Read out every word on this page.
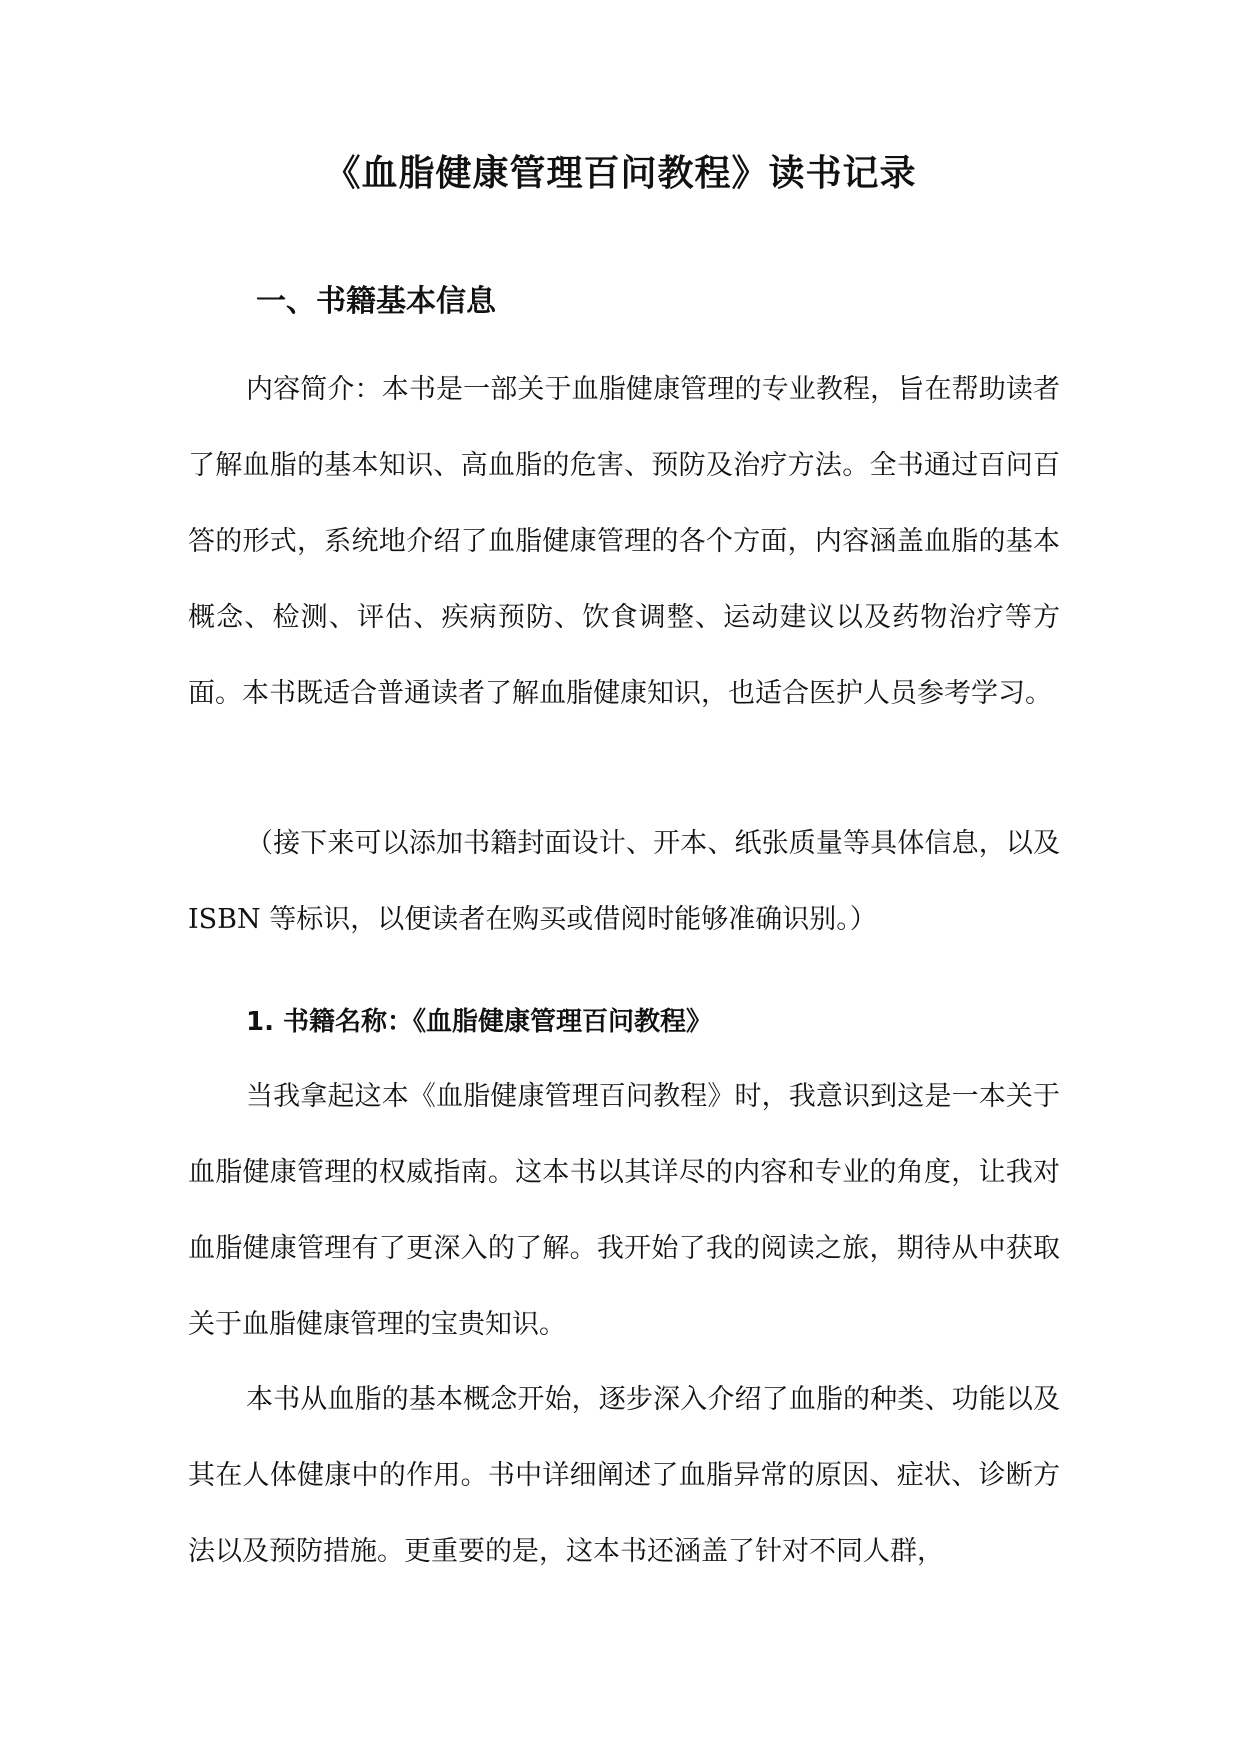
《血脂健康管理百问教程》读书记录
一、书籍基本信息

内容简介：本书是一部关于血脂健康管理的专业教程，旨在帮助读者了解血脂的基本知识、高血脂的危害、预防及治疗方法。全书通过百问百答的形式，系统地介绍了血脂健康管理的各个方面，内容涵盖血脂的基本概念、检测、评估、疾病预防、饮食调整、运动建议以及药物治疗等方面。本书既适合普通读者了解血脂健康知识，也适合医护人员参考学习。

（接下来可以添加书籍封面设计、开本、纸张质量等具体信息，以及 ISBN 等标识，以便读者在购买或借阅时能够准确识别。）

1. 书籍名称：《血脂健康管理百问教程》

当我拿起这本《血脂健康管理百问教程》时，我意识到这是一本关于血脂健康管理的权威指南。这本书以其详尽的内容和专业的角度，让我对血脂健康管理有了更深入的了解。我开始了我的阅读之旅，期待从中获取关于血脂健康管理的宝贵知识。

本书从血脂的基本概念开始，逐步深入介绍了血脂的种类、功能以及其在人体健康中的作用。书中详细阐述了血脂异常的原因、症状、诊断方法以及预防措施。更重要的是，这本书还涵盖了针对不同人群，
